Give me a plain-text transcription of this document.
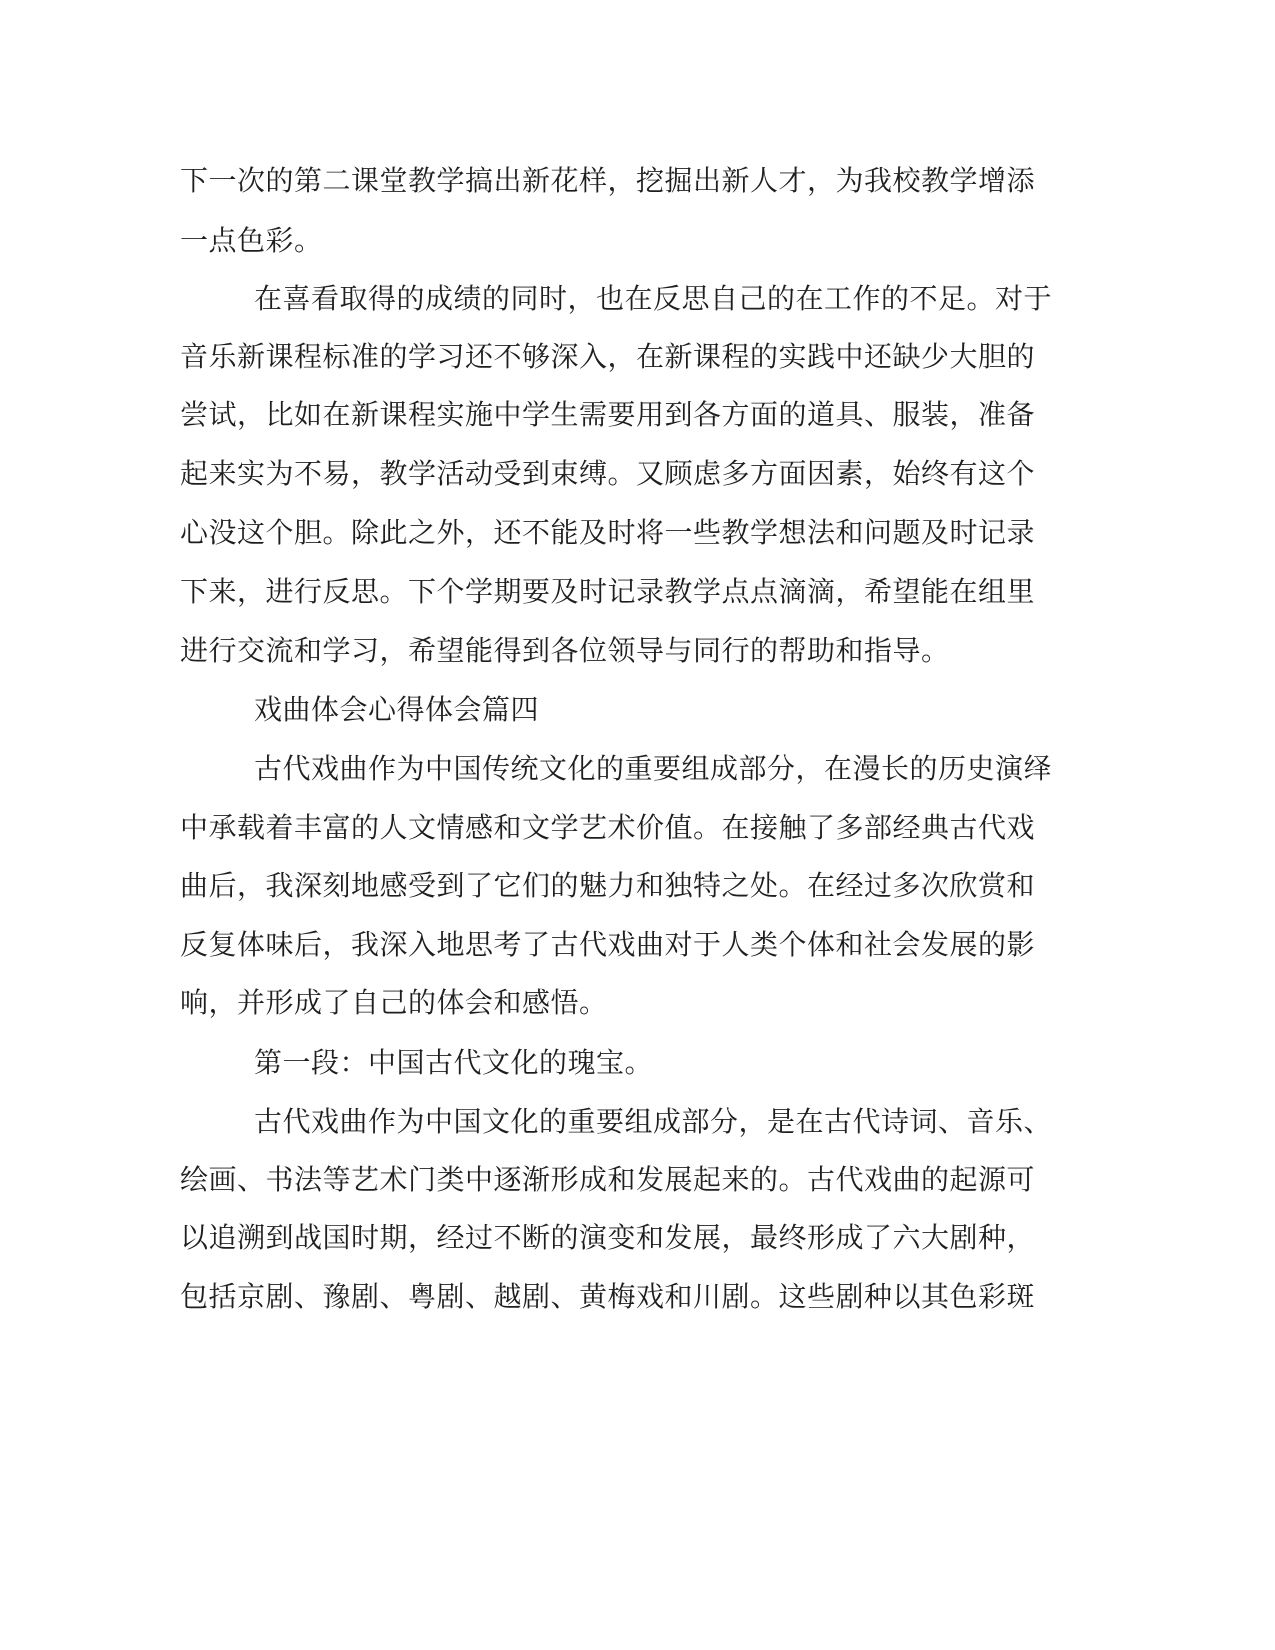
下一次的第二课堂教学搞出新花样，挖掘出新人才，为我校教学增添
一点色彩。
在喜看取得的成绩的同时，也在反思自己的在工作的不足。对于
音乐新课程标准的学习还不够深入，在新课程的实践中还缺少大胆的
尝试，比如在新课程实施中学生需要用到各方面的道具、服装，准备
起来实为不易，教学活动受到束缚。又顾虑多方面因素，始终有这个
心没这个胆。除此之外，还不能及时将一些教学想法和问题及时记录
下来，进行反思。下个学期要及时记录教学点点滴滴，希望能在组里
进行交流和学习，希望能得到各位领导与同行的帮助和指导。
戏曲体会心得体会篇四
古代戏曲作为中国传统文化的重要组成部分，在漫长的历史演绎
中承载着丰富的人文情感和文学艺术价值。在接触了多部经典古代戏
曲后，我深刻地感受到了它们的魅力和独特之处。在经过多次欣赏和
反复体味后，我深入地思考了古代戏曲对于人类个体和社会发展的影
响，并形成了自己的体会和感悟。
第一段：中国古代文化的瑰宝。
古代戏曲作为中国文化的重要组成部分，是在古代诗词、音乐、
绘画、书法等艺术门类中逐渐形成和发展起来的。古代戏曲的起源可
以追溯到战国时期，经过不断的演变和发展，最终形成了六大剧种，
包括京剧、豫剧、粤剧、越剧、黄梅戏和川剧。这些剧种以其色彩斑
